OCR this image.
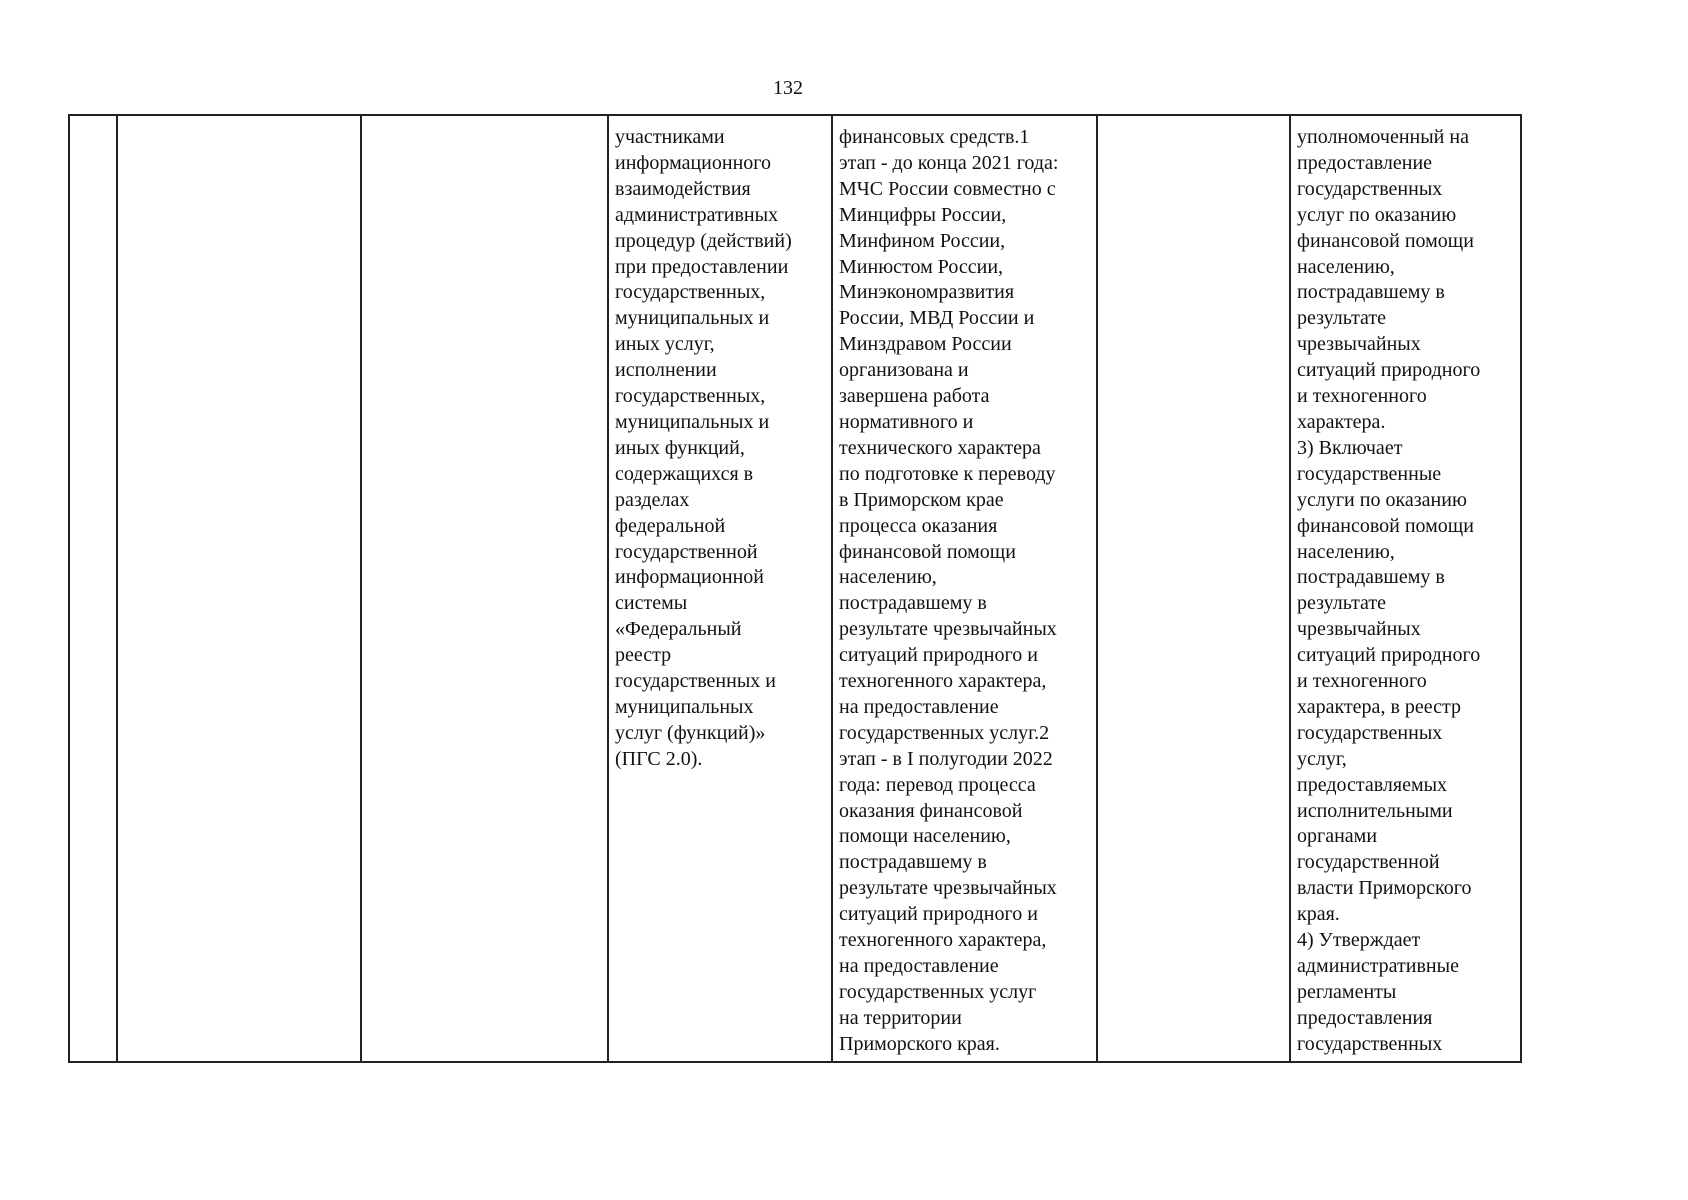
132
			участниками
информационного
взаимодействия
административных
процедур (действий)
при предоставлении
государственных,
муниципальных и
иных услуг,
исполнении
государственных,
муниципальных и
иных функций,
содержащихся в
разделах
федеральной
государственной
информационной
системы
«Федеральный
реестр
государственных и
муниципальных
услуг (функций)»
(ПГС 2.0).	финансовых средств.1
этап - до конца 2021 года:
МЧС России совместно с
Минцифры России,
Минфином России,
Минюстом России,
Минэкономразвития
России, МВД России и
Минздравом России
организована и
завершена работа
нормативного и
технического характера
по подготовке к переводу
в Приморском крае
процесса оказания
финансовой помощи
населению,
пострадавшему в
результате чрезвычайных
ситуаций природного и
техногенного характера,
на предоставление
государственных услуг.2
этап - в I полугодии 2022
года: перевод процесса
оказания финансовой
помощи населению,
пострадавшему в
результате чрезвычайных
ситуаций природного и
техногенного характера,
на предоставление
государственных услуг
на территории
Приморского края.		уполномоченный на
предоставление
государственных
услуг по оказанию
финансовой помощи
населению,
пострадавшему в
результате
чрезвычайных
ситуаций природного
и техногенного
характера.
3) Включает
государственные
услуги по оказанию
финансовой помощи
населению,
пострадавшему в
результате
чрезвычайных
ситуаций природного
и техногенного
характера, в реестр
государственных
услуг,
предоставляемых
исполнительными
органами
государственной
власти Приморского
края.
4) Утверждает
административные
регламенты
предоставления
государственных
